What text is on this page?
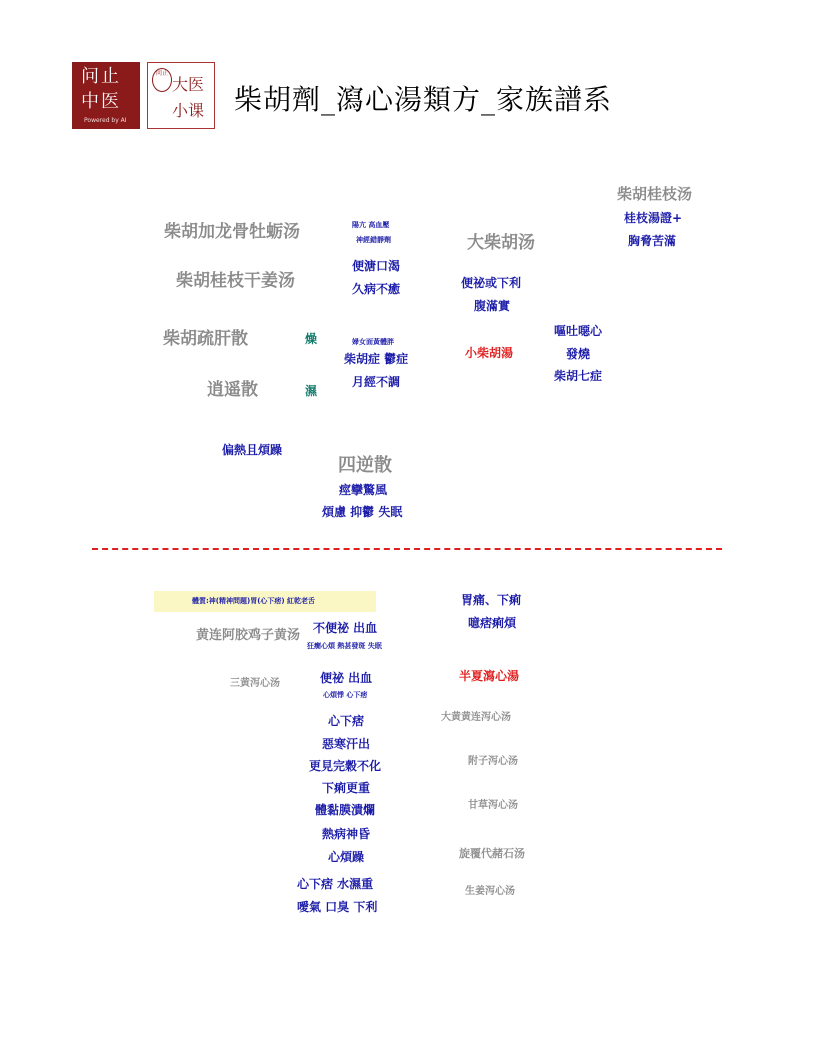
问止
中医
Powered by AI
问止
大医
小课 柴胡劑_瀉心湯類方_家族譜系
柴胡桂枝汤
桂枝湯證+
胸脅苦滿
柴胡加龙骨牡蛎汤	陽亢 高血壓
神經錯靜劑	大柴胡汤
便溏口渴
柴胡桂枝干姜汤	便祕或下利
久病不癒
腹滿實
嘔吐噁心
柴胡疏肝散	燥	婦女面黃體胖
小柴胡湯	發燒
柴胡症 鬱症
柴胡七症
月經不調
逍遥散	濕
偏熱且煩躁
四逆散
痙攣驚風
煩慮 抑鬱 失眠
體質:神(精神問題)胃(心下痞) 紅乾老舌	胃痛、下痢
噫痞痢煩
不便祕 出血
黄连阿胶鸡子黄汤
狂癇心煩 熱甚發斑 失眠
半夏瀉心湯
便祕 出血
三黄泻心汤
心煩悸 心下痞
大黄黄连泻心汤
心下痞
惡寒汗出
附子泻心汤
更見完穀不化
下痢更重
甘草泻心汤
體黏膜潰爛
熱病神昏
旋覆代赭石汤
心煩躁
心下痞 水濕重
生姜泻心汤
噯氣 口臭 下利
